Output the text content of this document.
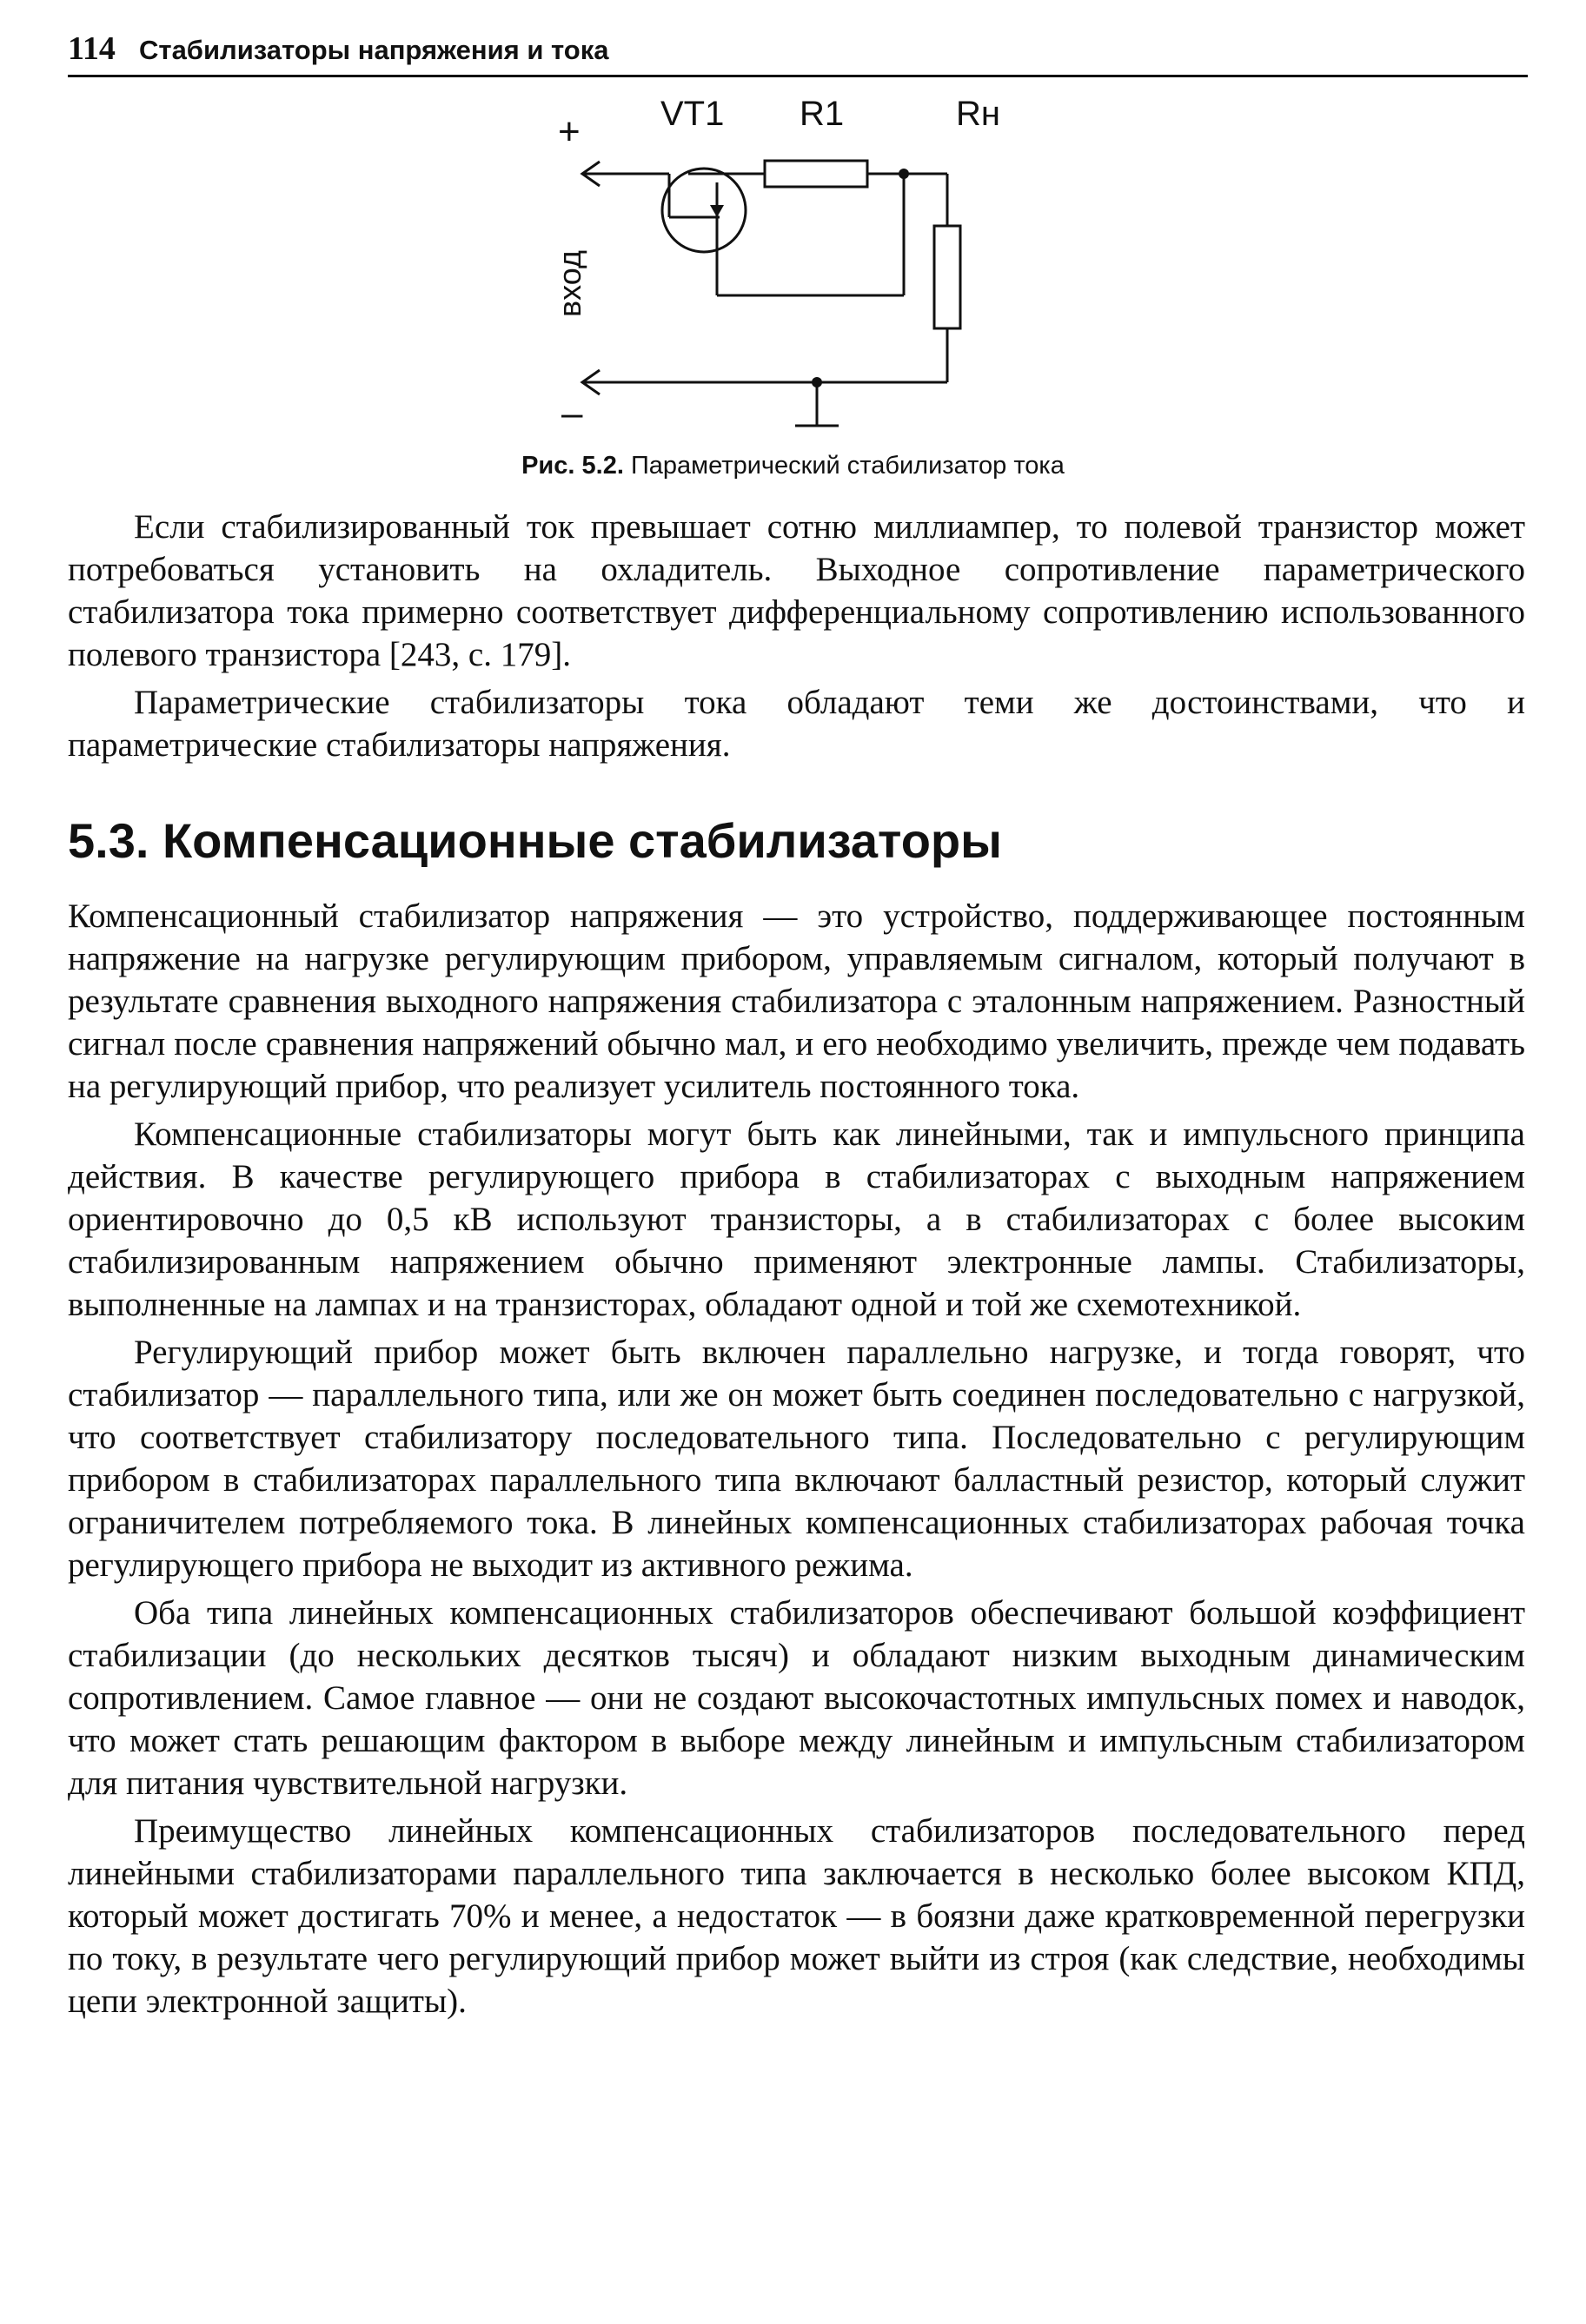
114 Стабилизаторы напряжения и тока
VT1 R1	Rн
+
–
вход
Рис. 5.2. Параметрический стабилизатор тока

Если стабилизированный ток превышает сотню миллиампер, то полевой транзистор может потребоваться установить на охладитель. Выходное сопротивление параметрического стабилизатора тока примерно соответствует дифференциальному сопротивлению использованного полевого транзистора [243, с. 179].

Параметрические стабилизаторы тока обладают теми же достоинствами, что и параметрические стабилизаторы напряжения.

5.3. Компенсационные стабилизаторы

Компенсационный стабилизатор напряжения — это устройство, поддерживающее постоянным напряжение на нагрузке регулирующим прибором, управляемым сигналом, который получают в результате сравнения выходного напряжения стабилизатора с эталонным напряжением. Разностный сигнал после сравнения напряжений обычно мал, и его необходимо увеличить, прежде чем подавать на регулирующий прибор, что реализует усилитель постоянного тока.

Компенсационные стабилизаторы могут быть как линейными, так и импульсного принципа действия. В качестве регулирующего прибора в стабилизаторах с выходным напряжением ориентировочно до 0,5 кВ используют транзисторы, а в стабилизаторах с более высоким стабилизированным напряжением обычно применяют электронные лампы. Стабилизаторы, выполненные на лампах и на транзисторах, обладают одной и той же схемотехникой.

Регулирующий прибор может быть включен параллельно нагрузке, и тогда говорят, что стабилизатор — параллельного типа, или же он может быть соединен последовательно с нагрузкой, что соответствует стабилизатору последовательного типа. Последовательно с регулирующим прибором в стабилизаторах параллельного типа включают балластный резистор, который служит ограничителем потребляемого тока. В линейных компенсационных стабилизаторах рабочая точка регулирующего прибора не выходит из активного режима.

Оба типа линейных компенсационных стабилизаторов обеспечивают большой коэффициент стабилизации (до нескольких десятков тысяч) и обладают низким выходным динамическим сопротивлением. Самое главное — они не создают высокочастотных импульсных помех и наводок, что может стать решающим фактором в выборе между линейным и импульсным стабилизатором для питания чувствительной нагрузки.

Преимущество линейных компенсационных стабилизаторов последовательного перед линейными стабилизаторами параллельного типа заключается в несколько более высоком КПД, который может достигать 70% и менее, а недостаток — в боязни даже кратковременной перегрузки по току, в результате чего регулирующий прибор может выйти из строя (как следствие, необходимы цепи электронной защиты).
